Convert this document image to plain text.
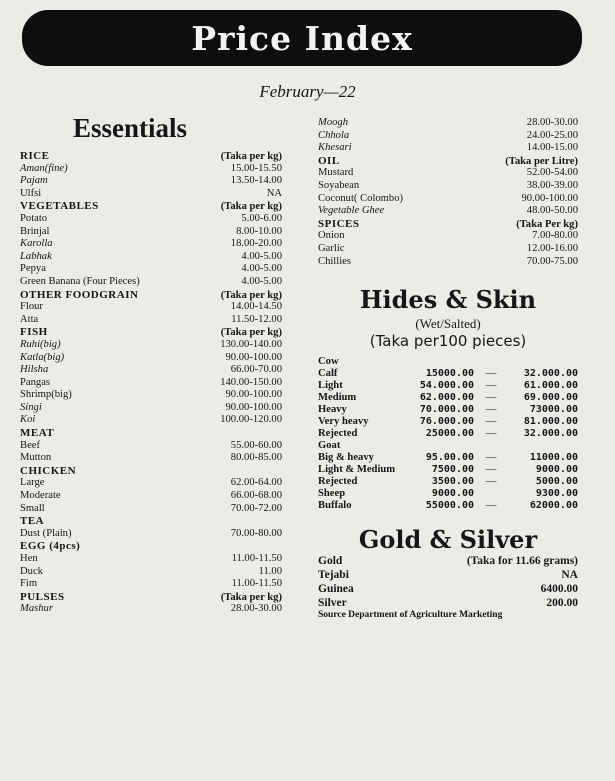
Price Index
February—22
Essentials
RICE	(Taka per kg)
Aman(fine)	15.00-15.50
Pajam	13.50-14.00
Ulfsi	NA
VEGETABLES	(Taka per kg)
Potato	5.00-6.00
Brinjal	8.00-10.00
Karolla	18.00-20.00
Labhak	4.00-5.00
Pepya	4.00-5.00
Green Banana (Four Pieces)	4.00-5.00
OTHER FOODGRAIN	(Taka per kg)
Flour	14.00-14.50
Atta	11.50-12.00
FISH	(Taka per kg)
Ruhi(big)	130.00-140.00
Katla(big)	90.00-100.00
Hilsha	66.00-70.00
Pangas	140.00-150.00
Shrimp(big)	90.00-100.00
Singi	90.00-100.00
Koi	100.00-120.00
MEAT
Beef	55.00-60.00
Mutton	80.00-85.00
CHICKEN
Large	62.00-64.00
Moderate	66.00-68.00
Small	70.00-72.00
TEA
Dust (Plain)	70.00-80.00
EGG (4pcs)
Hen	11.00-11.50
Duck	11.00
Fim	11.00-11.50
PULSES	(Taka per kg)
Mashur	28.00-30.00
Moogh	28.00-30.00
Chhola	24.00-25.00
Khesari	14.00-15.00
OIL	(Taka per Litre)
Mustard	52.00-54.00
Soyabean	38.00-39.00
Coconut( Colombo)	90.00-100.00
Vegetable Ghee	48.00-50.00
SPICES	(Taka Per kg)
Onion	7.00-80.00
Garlic	12.00-16.00
Chillies	70.00-75.00
Hides & Skin
(Wet/Salted)
(Taka per100 pieces)
Cow
Calf	15000.00	—	32.000.00
Light	54.000.00	—	61.000.00
Medium	62.000.00	—	69.000.00
Heavy	70.000.00	—	73000.00
Very heavy	76.000.00	—	81.000.00
Rejected	25000.00	—	32.000.00
Goat
Big & heavy	95.00.00	—	11000.00
Light & Medium	7500.00	—	9000.00
Rejected	3500.00	—	5000.00
Sheep	9000.00	9300.00
Buffalo	55000.00	—	62000.00
Gold & Silver
Gold	(Taka for 11.66 grams)
Tejabi	NA
Guinea	6400.00
Silver	200.00
Source Department of Agriculture Marketing
